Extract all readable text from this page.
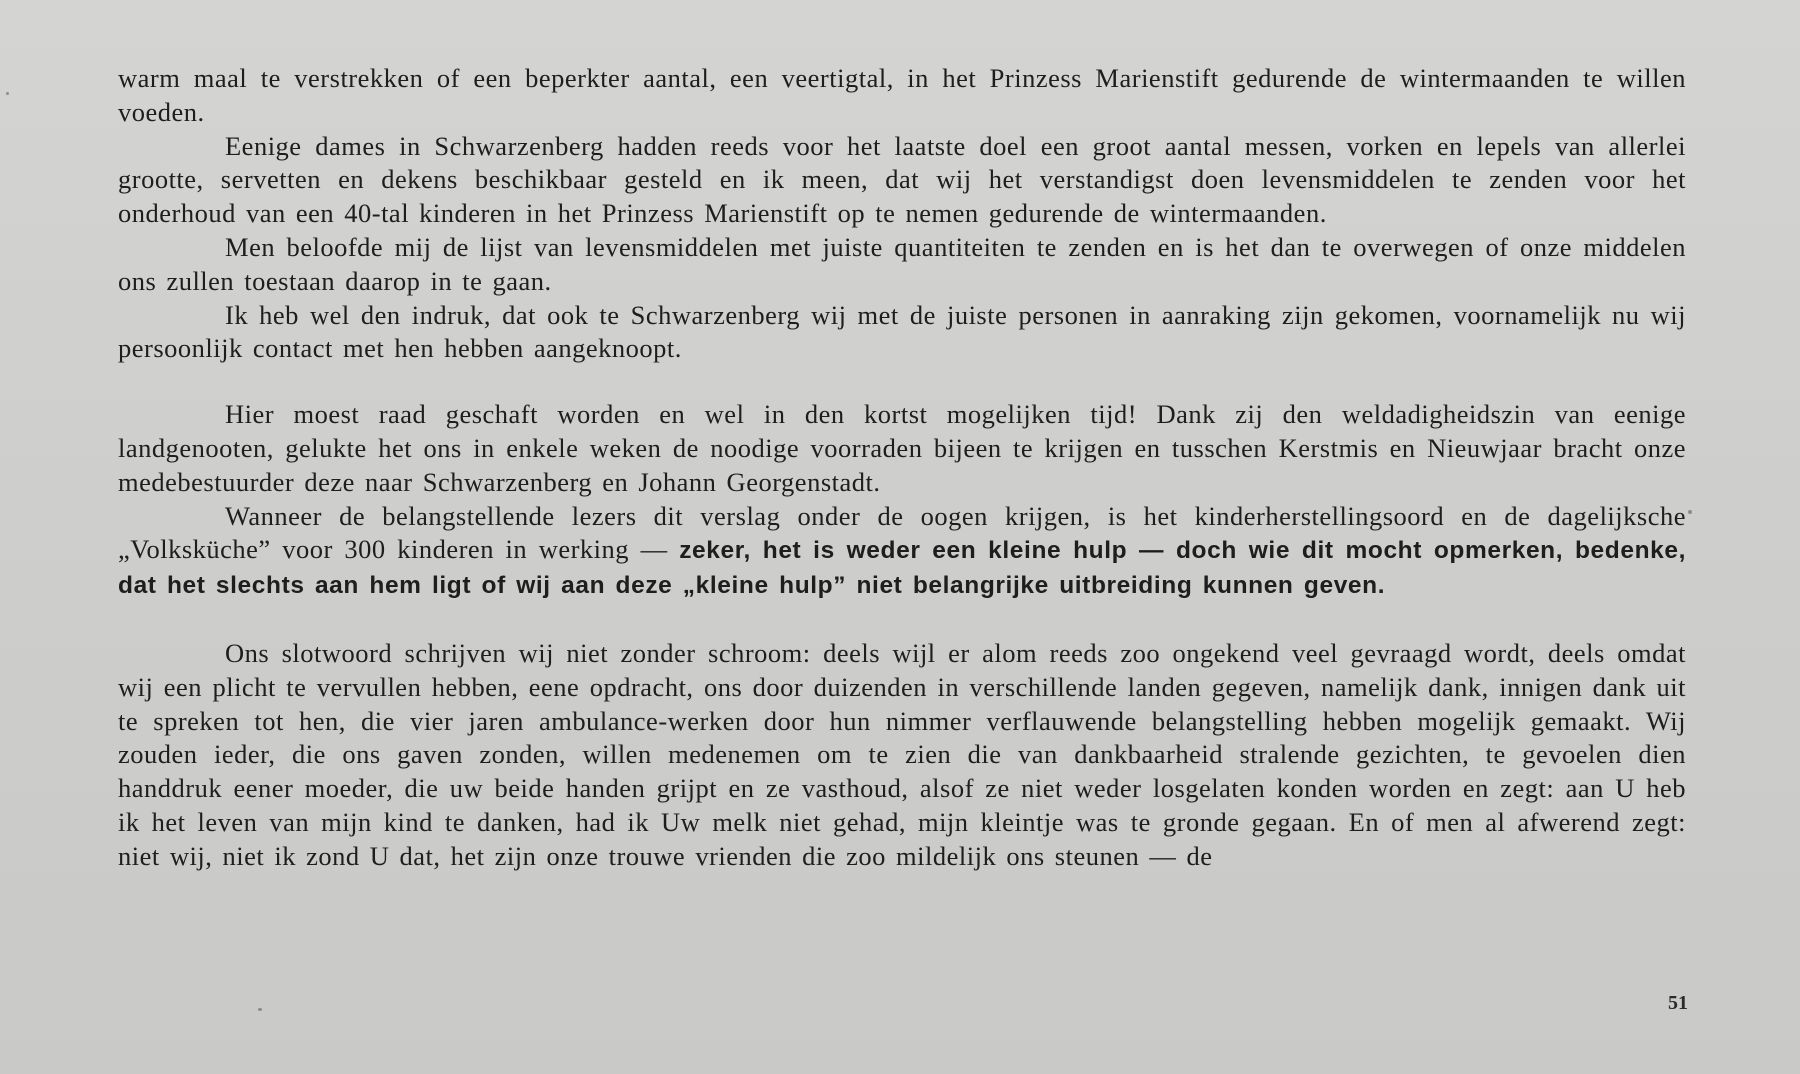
warm maal te verstrekken of een beperkter aantal, een veertigtal, in het Prinzess Marienstift gedurende de wintermaanden te willen voeden.

Eenige dames in Schwarzenberg hadden reeds voor het laatste doel een groot aantal messen, vorken en lepels van allerlei grootte, servetten en dekens beschikbaar gesteld en ik meen, dat wij het verstandigst doen levensmiddelen te zenden voor het onderhoud van een 40-tal kinderen in het Prinzess Marienstift op te nemen gedurende de wintermaanden.

Men beloofde mij de lijst van levensmiddelen met juiste quantiteiten te zenden en is het dan te overwegen of onze middelen ons zullen toestaan daarop in te gaan.

Ik heb wel den indruk, dat ook te Schwarzenberg wij met de juiste personen in aanraking zijn gekomen, voornamelijk nu wij persoonlijk contact met hen hebben aangeknoopt.

Hier moest raad geschaft worden en wel in den kortst mogelijken tijd! Dank zij den weldadigheidszin van eenige landgenooten, gelukte het ons in enkele weken de noodige voorraden bijeen te krijgen en tusschen Kerstmis en Nieuwjaar bracht onze medebestuurder deze naar Schwarzenberg en Johann Georgenstadt.

Wanneer de belangstellende lezers dit verslag onder de oogen krijgen, is het kinderherstellingsoord en de dagelijksche „Volksküche” voor 300 kinderen in werking — zeker, het is weder een kleine hulp — doch wie dit mocht opmerken, bedenke, dat het slechts aan hem ligt of wij aan deze „kleine hulp” niet belangrijke uitbreiding kunnen geven.

Ons slotwoord schrijven wij niet zonder schroom: deels wijl er alom reeds zoo ongekend veel gevraagd wordt, deels omdat wij een plicht te vervullen hebben, eene opdracht, ons door duizenden in verschillende landen gegeven, namelijk dank, innigen dank uit te spreken tot hen, die vier jaren ambulance-werken door hun nimmer verflauwende belangstelling hebben mogelijk gemaakt. Wij zouden ieder, die ons gaven zonden, willen medenemen om te zien die van dankbaarheid stralende gezichten, te gevoelen dien handdruk eener moeder, die uw beide handen grijpt en ze vasthoud, alsof ze niet weder losgelaten konden worden en zegt: aan U heb ik het leven van mijn kind te danken, had ik Uw melk niet gehad, mijn kleintje was te gronde gegaan. En of men al afwerend zegt: niet wij, niet ik zond U dat, het zijn onze trouwe vrienden die zoo mildelijk ons steunen — de

51
